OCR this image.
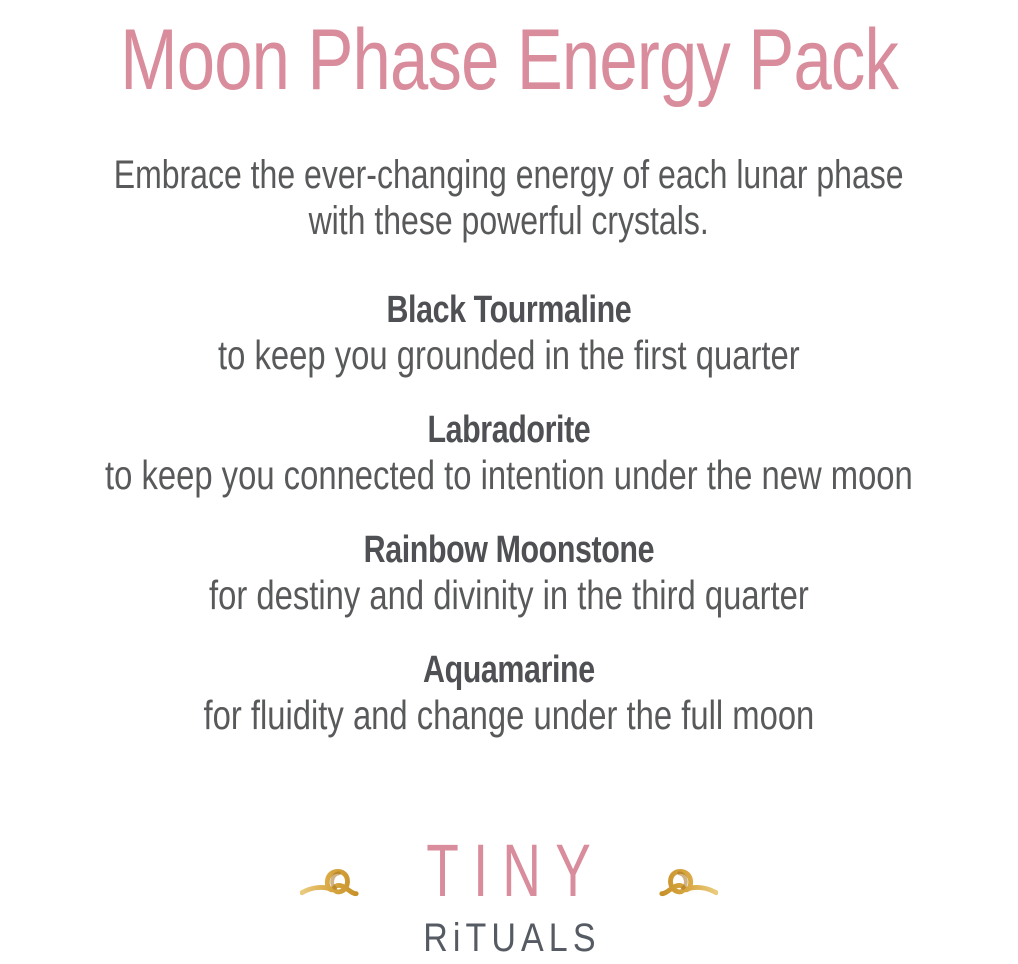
Moon Phase Energy Pack
Embrace the ever-changing energy of each lunar phase
with these powerful crystals.
Black Tourmaline
to keep you grounded in the first quarter
Labradorite
to keep you connected to intention under the new moon
Rainbow Moonstone
for destiny and divinity in the third quarter
Aquamarine
for fluidity and change under the full moon
TINY
RiTUALS
